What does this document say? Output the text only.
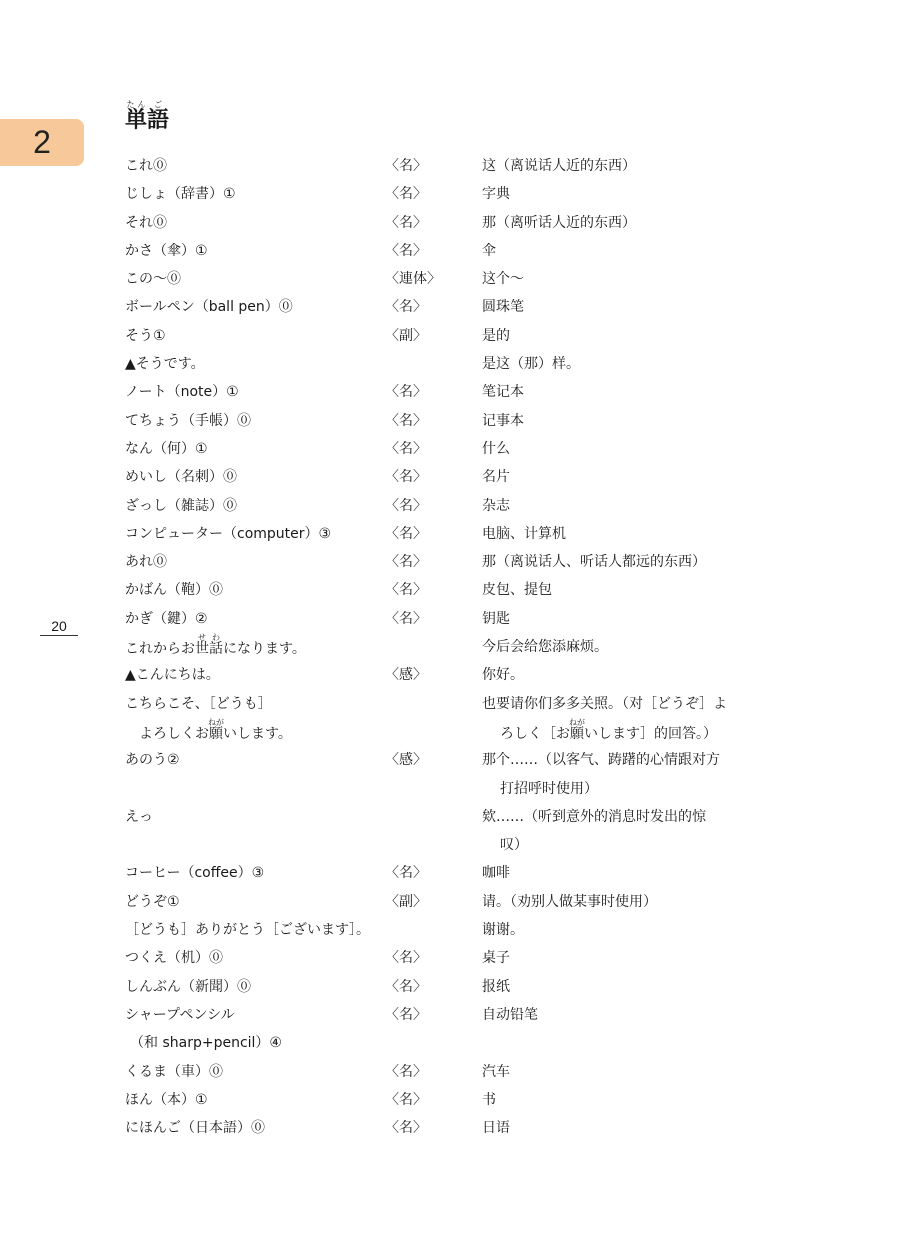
2
20
単たん語ご
これ⓪	〈名〉	这（离说话人近的东西）
じしょ（辞書）①	〈名〉	字典
それ⓪	〈名〉	那（离听话人近的东西）
かさ（傘）①	〈名〉	伞
この～⓪	〈連体〉	这个～
ボールペン（ball pen）⓪	〈名〉	圆珠笔
そう①	〈副〉	是的
▲そうです。	是这（那）样。
ノート（note）①	〈名〉	笔记本
てちょう（手帳）⓪	〈名〉	记事本
なん（何）①	〈名〉	什么
めいし（名刺）⓪	〈名〉	名片
ざっし（雑誌）⓪	〈名〉	杂志
コンピューター（computer）③	〈名〉	电脑、计算机
あれ⓪	〈名〉	那（离说话人、听话人都远的东西）
かばん（鞄）⓪	〈名〉	皮包、提包
かぎ（鍵）②	〈名〉	钥匙
これからお世せ話わになります。	今后会给您添麻烦。
▲こんにちは。	〈感〉	你好。
こちらこそ、［どうも］	也要请你们多多关照。（对［どうぞ］よ
よろしくお願ねがいします。	ろしく［お願ねがいします］的回答。）
あのう②	〈感〉	那个……（以客气、踌躇的心情跟对方
打招呼时使用）
えっ	欸……（听到意外的消息时发出的惊
叹）
コーヒー（coffee）③	〈名〉	咖啡
どうぞ①	〈副〉	请。（劝别人做某事时使用）
［どうも］ありがとう［ございます］。	谢谢。
つくえ（机）⓪	〈名〉	桌子
しんぶん（新聞）⓪	〈名〉	报纸
シャープペンシル	〈名〉	自动铅笔
（和 sharp+pencil）④
くるま（車）⓪	〈名〉	汽车
ほん（本）①	〈名〉	书
にほんご（日本語）⓪	〈名〉	日语
